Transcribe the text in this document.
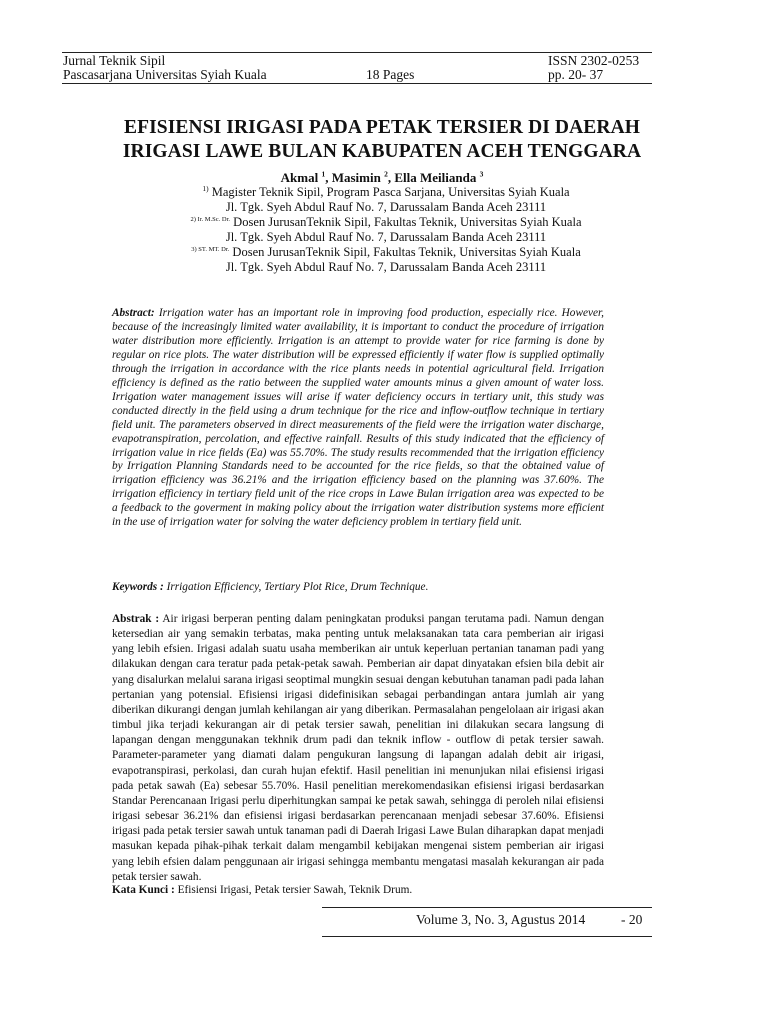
Jurnal Teknik Sipil	ISSN 2302-0253
Pascasarjana Universitas Syiah Kuala	18 Pages	pp. 20- 37
EFISIENSI IRIGASI PADA PETAK TERSIER DI DAERAH
IRIGASI LAWE BULAN KABUPATEN ACEH TENGGARA
Akmal $^1$, Masimin $^2$, Ella Meilianda $^3$
$^{1)}$ Magister Teknik Sipil, Program Pasca Sarjana, Universitas Syiah Kuala
Jl. Tgk. Syeh Abdul Rauf No. 7, Darussalam Banda Aceh 23111
$^{2) Ir. M.Sc. Dr.}$ Dosen JurusanTeknik Sipil, Fakultas Teknik, Universitas Syiah Kuala
Jl. Tgk. Syeh Abdul Rauf No. 7, Darussalam Banda Aceh 23111
$^{3) ST. MT. Dr.}$ Dosen JurusanTeknik Sipil, Fakultas Teknik, Universitas Syiah Kuala
Jl. Tgk. Syeh Abdul Rauf No. 7, Darussalam Banda Aceh 23111
Abstract: Irrigation water has an important role in improving food production, especially rice. However, because of the increasingly limited water availability, it is important to conduct the procedure of irrigation water distribution more efficiently. Irrigation is an attempt to provide water for rice farming is done by regular on rice plots. The water distribution will be expressed efficiently if water flow is supplied optimally through the irrigation in accordance with the rice plants needs in potential agricultural field. Irrigation efficiency is defined as the ratio between the supplied water amounts minus a given amount of water loss. Irrigation water management issues will arise if water deficiency occurs in tertiary unit, this study was conducted directly in the field using a drum technique for the rice and inflow-outflow technique in tertiary field unit. The parameters observed in direct measurements of the field were the irrigation water discharge, evapotranspiration, percolation, and effective rainfall. Results of this study indicated that the efficiency of irrigation value in rice fields (Ea) was 55.70%. The study results recommended that the irrigation efficiency by Irrigation Planning Standards need to be accounted for the rice fields, so that the obtained value of irrigation efficiency was 36.21% and the irrigation efficiency based on the planning was 37.60%. The irrigation efficiency in tertiary field unit of the rice crops in Lawe Bulan irrigation area was expected to be a feedback to the goverment in making policy about the irrigation water distribution systems more efficient in the use of irrigation water for solving the water deficiency problem in tertiary field unit.
Keywords : Irrigation Efficiency, Tertiary Plot Rice, Drum Technique.
Abstrak : Air irigasi berperan penting dalam peningkatan produksi pangan terutama padi. Namun dengan ketersedian air yang semakin terbatas, maka penting untuk melaksanakan tata cara pemberian air irigasi yang lebih efsien. Irigasi adalah suatu usaha memberikan air untuk keperluan pertanian tanaman padi yang dilakukan dengan cara teratur pada petak-petak sawah. Pemberian air dapat dinyatakan efsien bila debit air yang disalurkan melalui sarana irigasi seoptimal mungkin sesuai dengan kebutuhan tanaman padi pada lahan pertanian yang potensial. Efisiensi irigasi didefinisikan sebagai perbandingan antara jumlah air yang diberikan dikurangi dengan jumlah kehilangan air yang diberikan. Permasalahan pengelolaan air irigasi akan timbul jika terjadi kekurangan air di petak tersier sawah, penelitian ini dilakukan secara langsung di lapangan dengan menggunakan tekhnik drum padi dan teknik inflow - outflow di petak tersier sawah. Parameter-parameter yang diamati dalam pengukuran langsung di lapangan adalah debit air irigasi, evapotranspirasi, perkolasi, dan curah hujan efektif. Hasil penelitian ini menunjukan nilai efisiensi irigasi pada petak sawah (Ea) sebesar 55.70%. Hasil penelitian merekomendasikan efisiensi irigasi berdasarkan Standar Perencanaan Irigasi perlu diperhitungkan sampai ke petak sawah, sehingga di peroleh nilai efisiensi irigasi sebesar 36.21% dan efisiensi irigasi berdasarkan perencanaan menjadi sebesar 37.60%. Efisiensi irigasi pada petak tersier sawah untuk tanaman padi di Daerah Irigasi Lawe Bulan diharapkan dapat menjadi masukan kepada pihak-pihak terkait dalam mengambil kebijakan mengenai sistem pemberian air irigasi yang lebih efsien dalam penggunaan air irigasi sehingga membantu mengatasi masalah kekurangan air pada petak tersier sawah.
Kata Kunci : Efisiensi Irigasi, Petak tersier Sawah, Teknik Drum.
Volume 3, No. 3, Agustus 2014	- 20
